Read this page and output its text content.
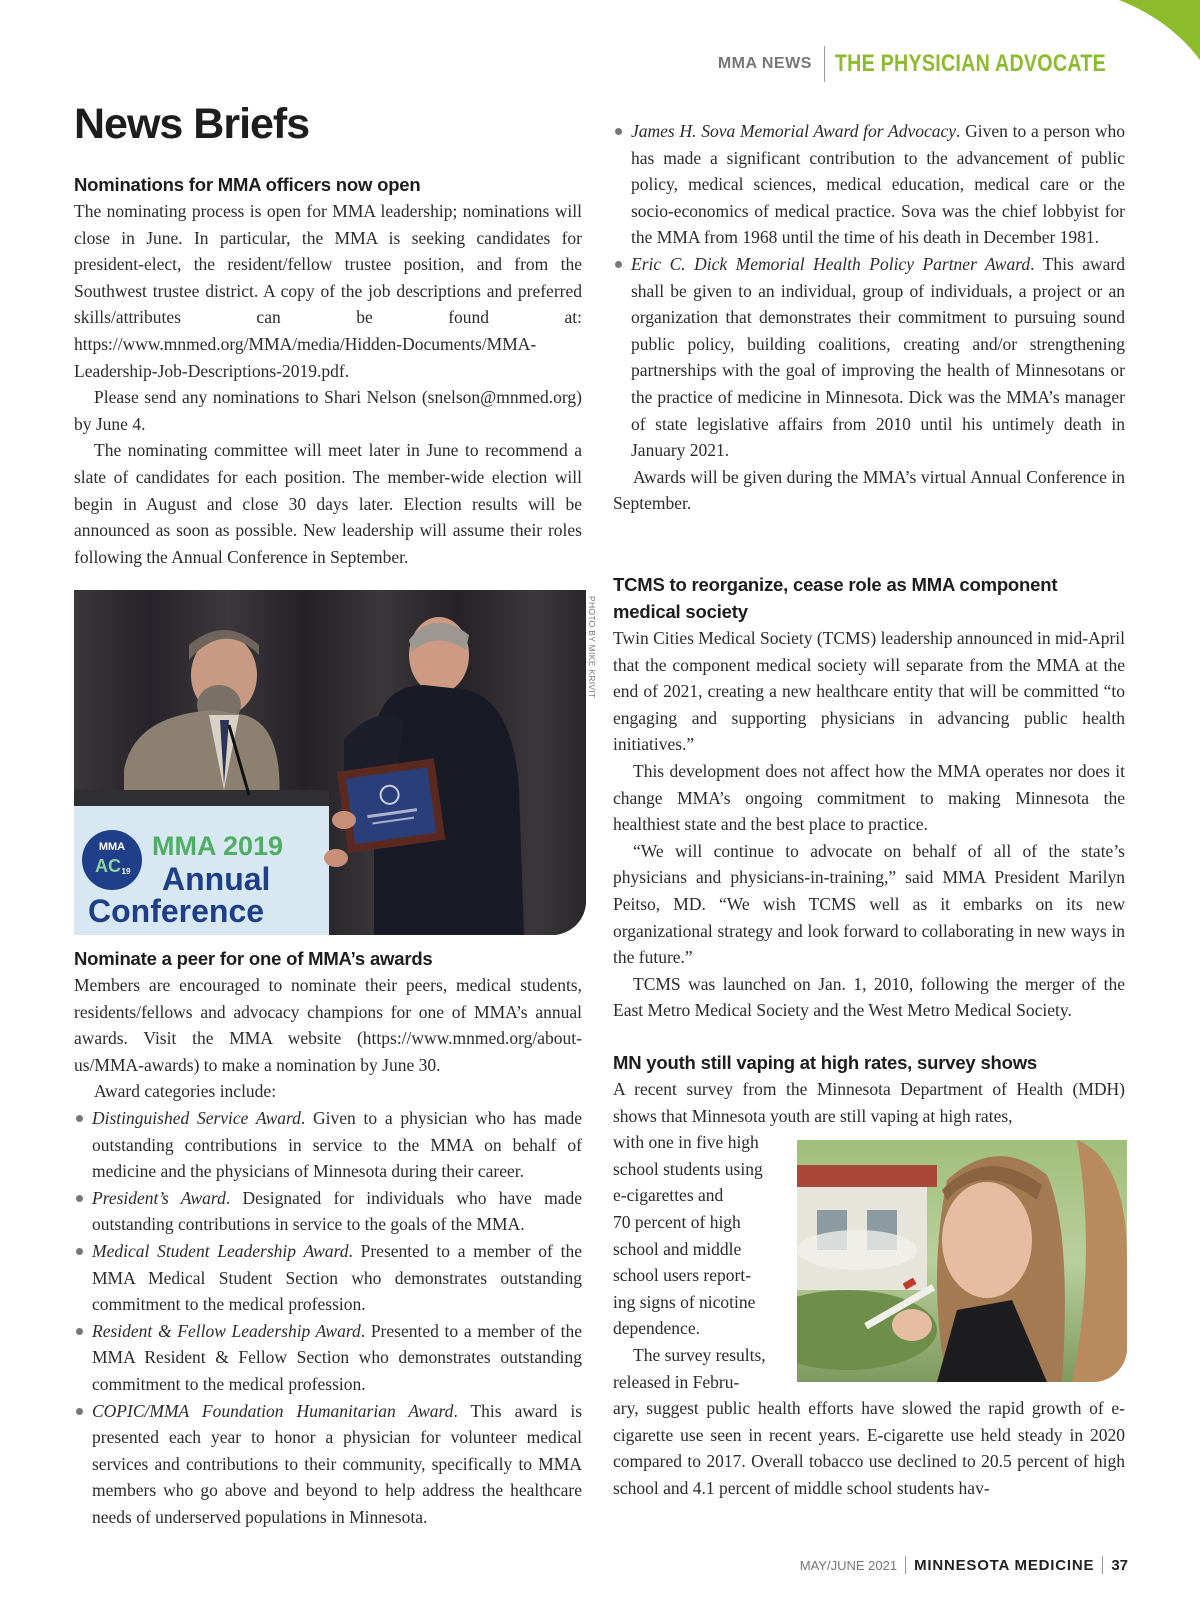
MMA NEWS THE PHYSICIAN ADVOCATE
News Briefs
Nominations for MMA officers now open

The nominating process is open for MMA leadership; nominations will close in June. In particular, the MMA is seeking candidates for president-elect, the resident/fellow trustee position, and from the Southwest trustee district. A copy of the job descriptions and preferred skills/attributes can be found at: https://www.mnmed.org/MMA/media/Hidden-Documents/MMA-Leadership-Job-Descriptions-2019.pdf.

Please send any nominations to Shari Nelson (snelson@mnmed.org) by June 4.

The nominating committee will meet later in June to recommend a slate of candidates for each position. The member-wide election will begin in August and close 30 days later. Election results will be announced as soon as possible. New leadership will assume their roles following the Annual Conference in September.

MMA
AC 19
MMA 2019
Annual
Conference
PHOTO BY MIKE KRIVIT
Nominate a peer for one of MMA’s awards

Members are encouraged to nominate their peers, medical students, residents/fellows and advocacy champions for one of MMA’s annual awards. Visit the MMA website (https://www.mnmed.org/about-us/MMA-awards) to make a nomination by June 30.

Award categories include:

Distinguished Service Award. Given to a physician who has made outstanding contributions in service to the MMA on behalf of medicine and the physicians of Minnesota during their career.
President’s Award. Designated for individuals who have made outstanding contributions in service to the goals of the MMA.
Medical Student Leadership Award. Presented to a member of the MMA Medical Student Section who demonstrates outstanding commitment to the medical profession.
Resident & Fellow Leadership Award. Presented to a member of the MMA Resident & Fellow Section who demonstrates outstanding commitment to the medical profession.
COPIC/MMA Foundation Humanitarian Award. This award is presented each year to honor a physician for volunteer medical services and contributions to their community, specifically to MMA members who go above and beyond to help address the healthcare needs of underserved populations in Minnesota.
James H. Sova Memorial Award for Advocacy. Given to a person who has made a significant contribution to the advancement of public policy, medical sciences, medical education, medical care or the socio-economics of medical practice. Sova was the chief lobbyist for the MMA from 1968 until the time of his death in December 1981.
Eric C. Dick Memorial Health Policy Partner Award. This award shall be given to an individual, group of individuals, a project or an organization that demonstrates their commitment to pursuing sound public policy, building coalitions, creating and/or strengthening partnerships with the goal of improving the health of Minnesotans or the practice of medicine in Minnesota. Dick was the MMA’s manager of state legislative affairs from 2010 until his untimely death in January 2021.

Awards will be given during the MMA’s virtual Annual Conference in September.

TCMS to reorganize, cease role as MMA component medical society

Twin Cities Medical Society (TCMS) leadership announced in mid-April that the component medical society will separate from the MMA at the end of 2021, creating a new healthcare entity that will be committed “to engaging and supporting physicians in advancing public health initiatives.”

This development does not affect how the MMA operates nor does it change MMA’s ongoing commitment to making Minnesota the healthiest state and the best place to practice.

“We will continue to advocate on behalf of all of the state’s physicians and physicians-in-training,” said MMA President Marilyn Peitso, MD. “We wish TCMS well as it embarks on its new organizational strategy and look forward to collaborating in new ways in the future.”

TCMS was launched on Jan. 1, 2010, following the merger of the East Metro Medical Society and the West Metro Medical Society.

MN youth still vaping at high rates, survey shows

A recent survey from the Minnesota Department of Health (MDH) shows that Minnesota youth are still vaping at high rates,

with one in five high
school students using
e-cigarettes and
70 percent of high
school and middle
school users report-
ing signs of nicotine
dependence.
The survey results,
released in Febru-

ary, suggest public health efforts have slowed the rapid growth of e-cigarette use seen in recent years. E-cigarette use held steady in 2020 compared to 2017. Overall tobacco use declined to 20.5 percent of high school and 4.1 percent of middle school students hav-

MAY/JUNE 2021	MINNESOTA MEDICINE	37
